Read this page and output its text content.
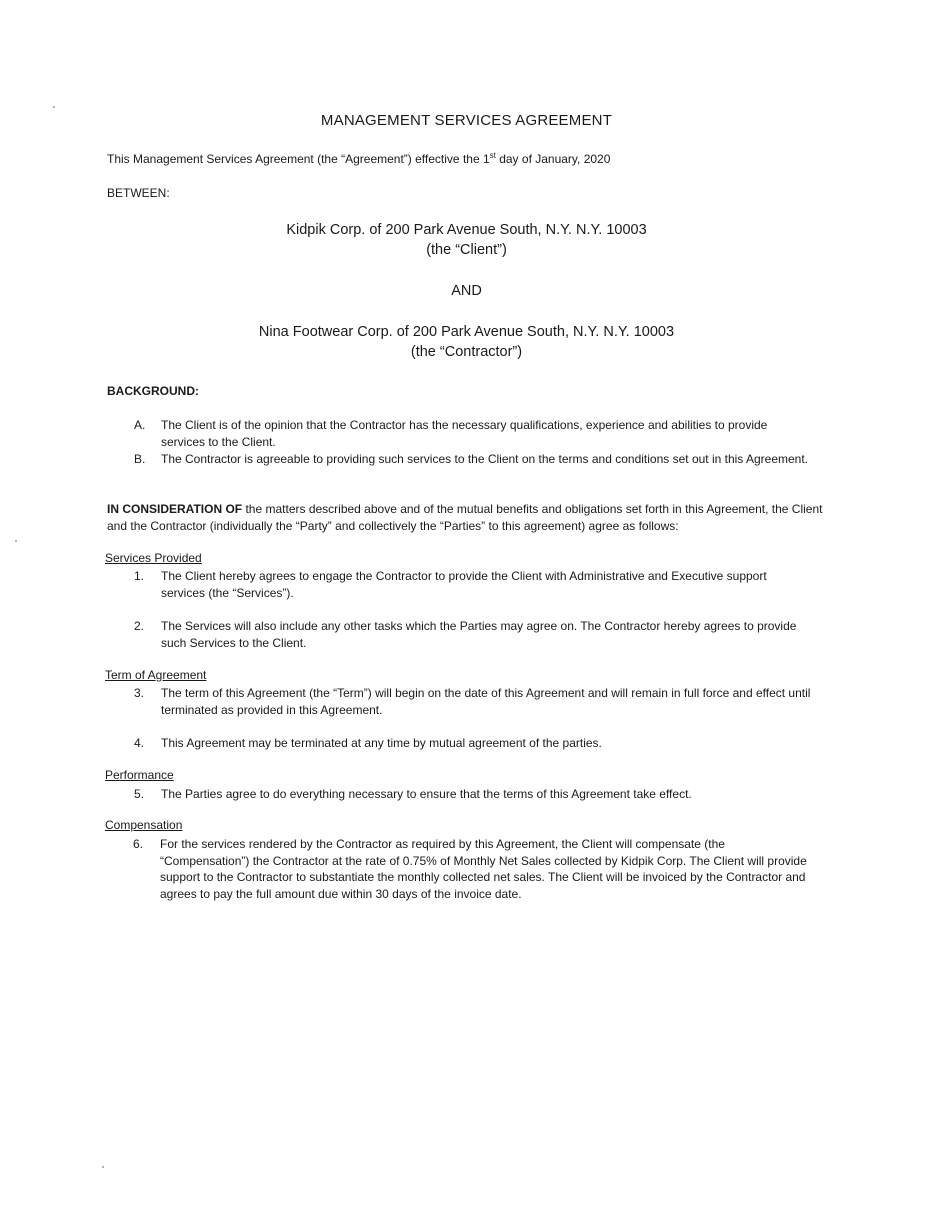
MANAGEMENT SERVICES AGREEMENT
This Management Services Agreement (the “Agreement”) effective the 1st day of January, 2020
BETWEEN:
Kidpik Corp. of 200 Park Avenue South, N.Y. N.Y. 10003
(the “Client”)
AND
Nina Footwear Corp. of 200 Park Avenue South, N.Y. N.Y. 10003
(the “Contractor”)
BACKGROUND:
A.	The Client is of the opinion that the Contractor has the necessary qualifications, experience and abilities to provide services to the Client.
B.	The Contractor is agreeable to providing such services to the Client on the terms and conditions set out in this Agreement.
IN CONSIDERATION OF the matters described above and of the mutual benefits and obligations set forth in this Agreement, the Client and the Contractor (individually the “Party” and collectively the “Parties” to this agreement) agree as follows:
Services Provided
1.	The Client hereby agrees to engage the Contractor to provide the Client with Administrative and Executive support services (the “Services”).
2.	The Services will also include any other tasks which the Parties may agree on. The Contractor hereby agrees to provide such Services to the Client.
Term of Agreement
3.	The term of this Agreement (the “Term”) will begin on the date of this Agreement and will remain in full force and effect until terminated as provided in this Agreement.
4.	This Agreement may be terminated at any time by mutual agreement of the parties.
Performance
5.	The Parties agree to do everything necessary to ensure that the terms of this Agreement take effect.
Compensation
6.	For the services rendered by the Contractor as required by this Agreement, the Client will compensate (the “Compensation”) the Contractor at the rate of 0.75% of Monthly Net Sales collected by Kidpik Corp. The Client will provide support to the Contractor to substantiate the monthly collected net sales. The Client will be invoiced by the Contractor and agrees to pay the full amount due within 30 days of the invoice date.
